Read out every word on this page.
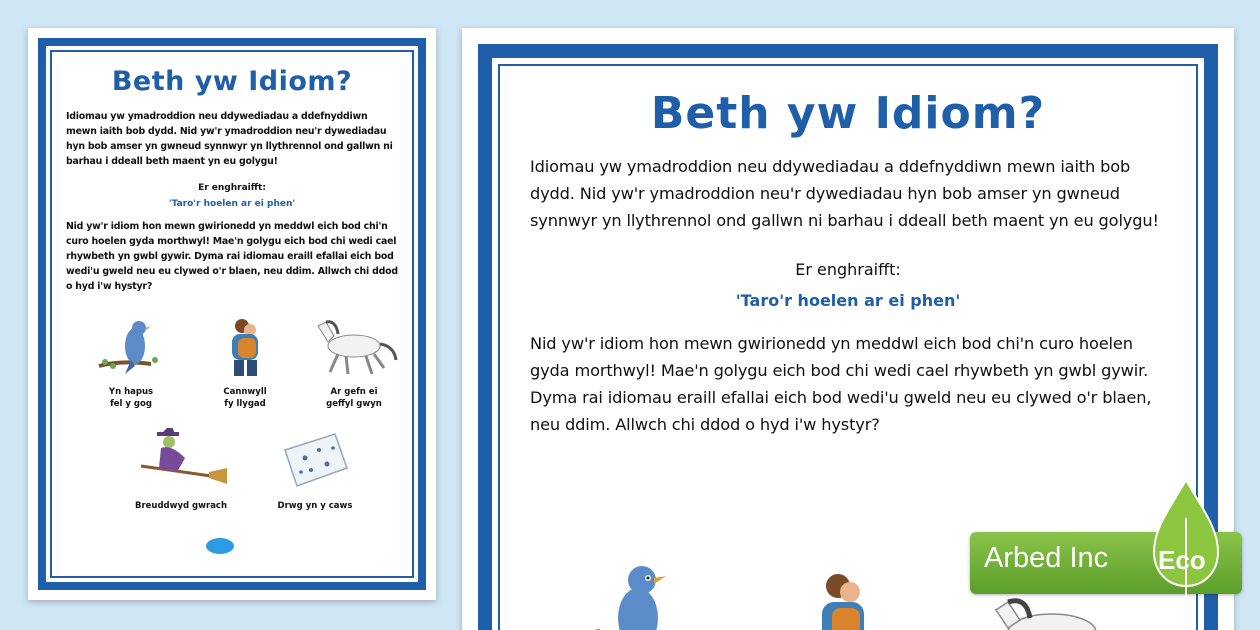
Beth yw Idiom?

Idiomau yw ymadroddion neu ddywediadau a ddefnyddiwn mewn iaith bob dydd. Nid yw'r ymadroddion neu'r dywediadau hyn bob amser yn gwneud synnwyr yn llythrennol ond gallwn ni barhau i ddeall beth maent yn eu golygu!

Er enghraifft:
'Taro'r hoelen ar ei phen'

Nid yw'r idiom hon mewn gwirionedd yn meddwl eich bod chi'n curo hoelen gyda morthwyl! Mae'n golygu eich bod chi wedi cael rhywbeth yn gwbl gywir. Dyma rai idiomau eraill efallai eich bod wedi'u gweld neu eu clywed o'r blaen, neu ddim. Allwch chi ddod o hyd i'w hystyr?

Yn hapus
fel y gog
Cannwyll
fy llygad
Ar gefn ei
geffyl gwyn
Breuddwyd gwrach	Drwg yn y caws
Beth yw Idiom?

Idiomau yw ymadroddion neu ddywediadau a ddefnyddiwn mewn iaith bob dydd. Nid yw'r ymadroddion neu'r dywediadau hyn bob amser yn gwneud synnwyr yn llythrennol ond gallwn ni barhau i ddeall beth maent yn eu golygu!

Er enghraifft:
'Taro'r hoelen ar ei phen'

Nid yw'r idiom hon mewn gwirionedd yn meddwl eich bod chi'n curo hoelen gyda morthwyl! Mae'n golygu eich bod chi wedi cael rhywbeth yn gwbl gywir. Dyma rai idiomau eraill efallai eich bod wedi'u gweld neu eu clywed o'r blaen, neu ddim. Allwch chi ddod o hyd i'w hystyr?

Arbed Inc Eco
